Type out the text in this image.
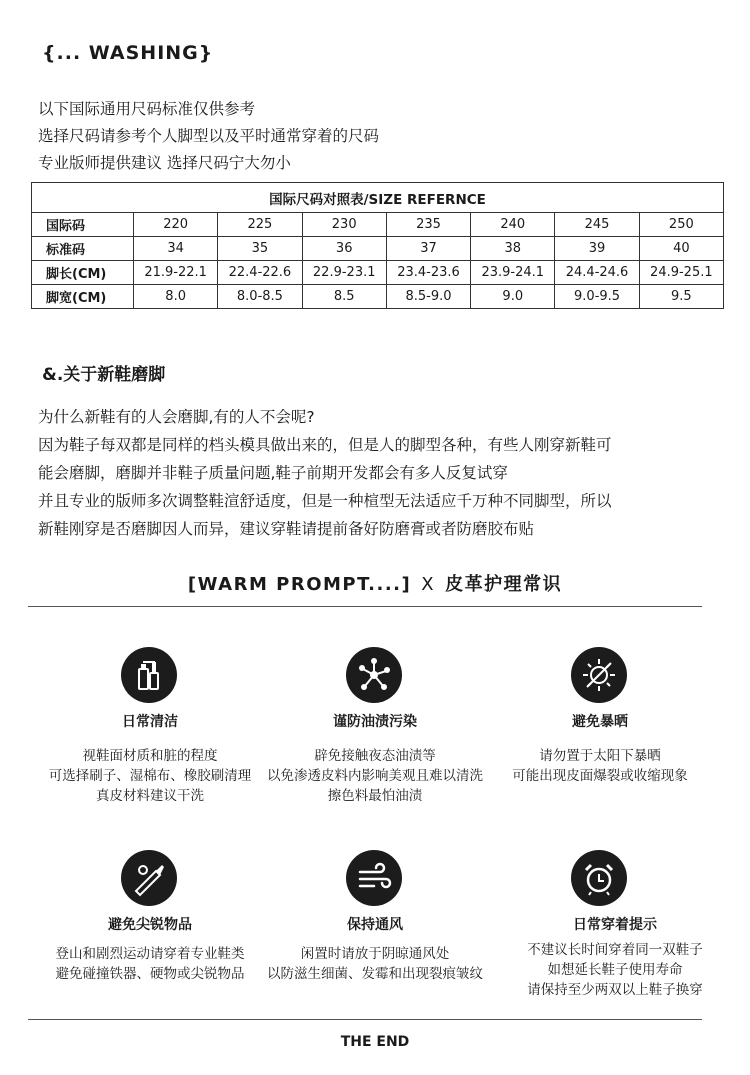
{... WASHING}
以下国际通用尺码标准仅供参考
选择尺码请参考个人脚型以及平时通常穿着的尺码
专业版师提供建议 选择尺码宁大勿小
国际尺码对照表/SIZE REFERNCE							
国际码	220	225	230	235	240	245	250
标准码	34	35	36	37	38	39	40
脚长(CM)	21.9-22.1	22.4-22.6	22.9-23.1	23.4-23.6	23.9-24.1	24.4-24.6	24.9-25.1
脚宽(CM)	8.0	8.0-8.5	8.5	8.5-9.0	9.0	9.0-9.5	9.5
&.关于新鞋磨脚
为什么新鞋有的人会磨脚,有的人不会呢?
因为鞋子每双都是同样的档头模具做出来的，但是人的脚型各种，有些人刚穿新鞋可
能会磨脚，磨脚并非鞋子质量问题,鞋子前期开发都会有多人反复试穿
并且专业的版师多次调整鞋渲舒适度，但是一种楦型无法适应千万种不同脚型，所以
新鞋刚穿是否磨脚因人而异，建议穿鞋请提前备好防磨膏或者防磨胶布贴
[WARM PROMPT....] X 皮革护理常识
日常清洁
视鞋面材质和脏的程度
可选择刷子、湿棉布、橡胶刷清理
真皮材料建议干洗
谨防油渍污染
辟免接触夜态油渍等
以免渗透皮料内影响美观且难以清洗
擦色料最怕油渍
避免暴晒
请勿置于太阳下暴晒
可能出现皮面爆裂或收缩现象
避免尖锐物品
登山和剧烈运动请穿着专业鞋类
避免碰撞铁器、硬物或尖锐物品
保持通风
闲置时请放于阴晾通风处
以防滋生细菌、发霉和出现裂痕皱纹
日常穿着提示
不建议长时间穿着同一双鞋子
如想延长鞋子使用寿命
请保持至少两双以上鞋子换穿
THE END
